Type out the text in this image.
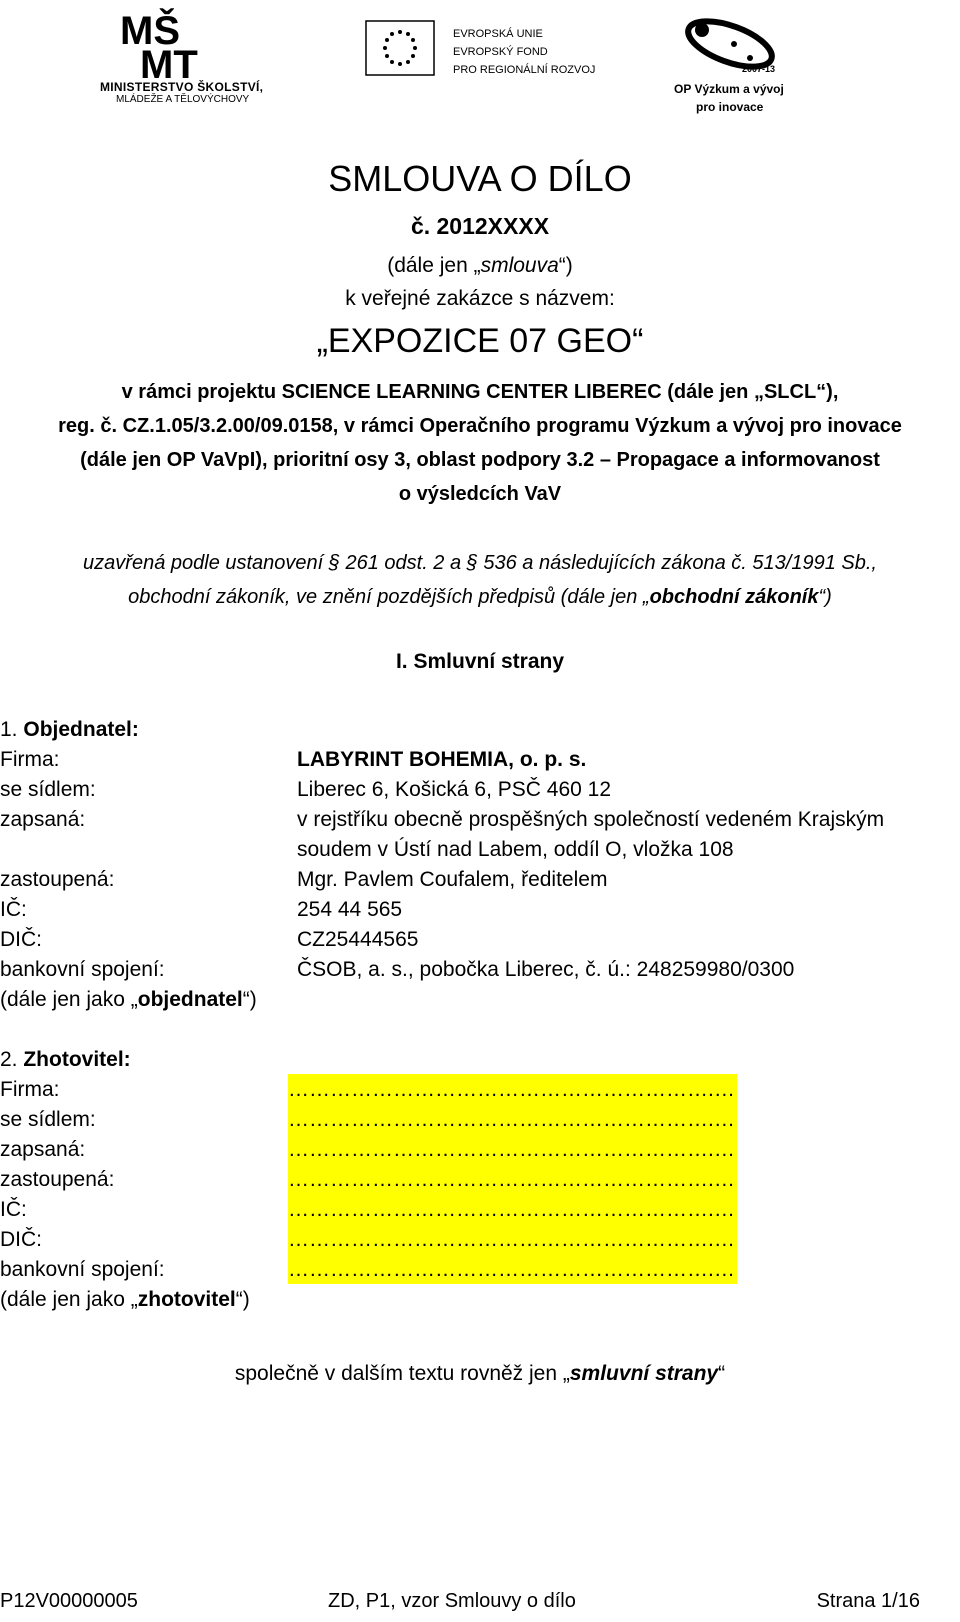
MŠ
MT
MINISTERSTVO ŠKOLSTVÍ,
MLÁDEŽE A TĚLOVÝCHOVY
EVROPSKÁ UNIE
EVROPSKÝ FOND
PRO REGIONÁLNÍ ROZVOJ	2007-13
OP Výzkum a vývoj
pro inovace
SMLOUVA O DÍLO
č. 2012XXXX
(dále jen „smlouva“)
k veřejné zakázce s názvem:
„EXPOZICE 07 GEO“
v rámci projektu SCIENCE LEARNING CENTER LIBEREC (dále jen „SLCL“),
reg. č. CZ.1.05/3.2.00/09.0158, v rámci Operačního programu Výzkum a vývoj pro inovace
(dále jen OP VaVpI), prioritní osy 3, oblast podpory 3.2 – Propagace a informovanost
o výsledcích VaV
uzavřená podle ustanovení § 261 odst. 2 a § 536 a následujících zákona č. 513/1991 Sb.,
obchodní zákoník, ve znění pozdějších předpisů (dále jen „obchodní zákoník“)
I. Smluvní strany
1. Objednatel:
Firma:	LABYRINT BOHEMIA, o. p. s.
se sídlem:	Liberec 6, Košická 6, PSČ 460 12
zapsaná:	v rejstříku obecně prospěšných společností vedeném Krajským
soudem v Ústí nad Labem, oddíl O, vložka 108
zastoupená:	Mgr. Pavlem Coufalem, ředitelem
IČ:	254 44 565
DIČ:	CZ25444565
bankovní spojení:	ČSOB, a. s., pobočka Liberec, č. ú.: 248259980/0300
(dále jen jako „objednatel“)
2. Zhotovitel:
Firma:	…………………………………………………….…
se sídlem:	…………………………………………………….…
zapsaná:	…………………………………………………….…
zastoupená:	…………………………………………………….…
IČ:	…………………………………………………….…
DIČ:	…………………………………………………….…
bankovní spojení:	…………………………………………………….…
(dále jen jako „zhotovitel“)
společně v dalším textu rovněž jen „smluvní strany“
P12V00000005	ZD, P1, vzor Smlouvy o dílo	Strana 1/16
